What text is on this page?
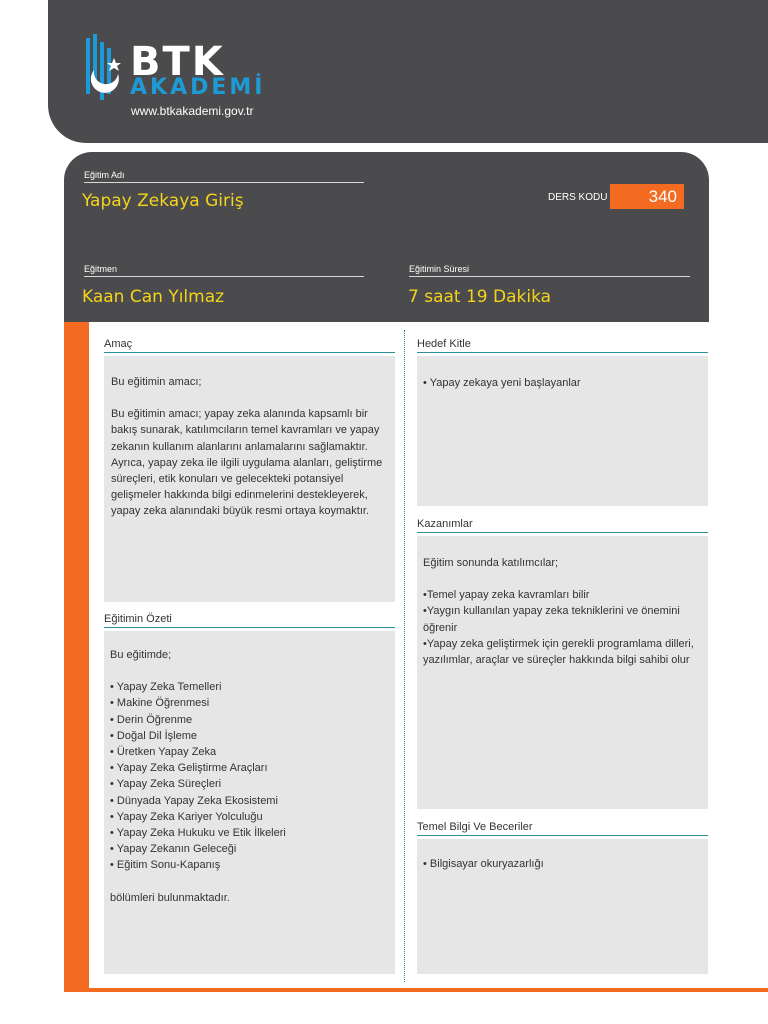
BTK
AKADEMİ
www.btkakademi.gov.tr
Eğitim Adı
Yapay Zekaya Giriş	DERS KODU	340
Eğitmen
Kaan Can Yılmaz
Eğitimin Süresi
7 saat 19 Dakika
Amaç

Bu eğitimin amacı;

Bu eğitimin amacı; yapay zeka alanında kapsamlı bir bakış sunarak, katılımcıların temel kavramları ve yapay zekanın kullanım alanlarını anlamalarını sağlamaktır. Ayrıca, yapay zeka ile ilgili uygulama alanları, geliştirme süreçleri, etik konuları ve gelecekteki potansiyel gelişmeler hakkında bilgi edinmelerini destekleyerek, yapay zeka alanındaki büyük resmi ortaya koymaktır.

Eğitimin Özeti

Bu eğitimde;

• Yapay Zeka Temelleri
• Makine Öğrenmesi
• Derin Öğrenme
• Doğal Dil İşleme
• Üretken Yapay Zeka
• Yapay Zeka Geliştirme Araçları
• Yapay Zeka Süreçleri
• Dünyada Yapay Zeka Ekosistemi
• Yapay Zeka Kariyer Yolculuğu
• Yapay Zeka Hukuku ve Etik İlkeleri
• Yapay Zekanın Geleceği
• Eğitim Sonu-Kapanış

bölümleri bulunmaktadır.

Hedef Kitle
• Yapay zekaya yeni başlayanlar
Kazanımlar

Eğitim sonunda katılımcılar;

•Temel yapay zeka kavramları bilir
•Yaygın kullanılan yapay zeka tekniklerini ve önemini öğrenir
•Yapay zeka geliştirmek için gerekli programlama dilleri, yazılımlar, araçlar ve süreçler hakkında bilgi sahibi olur
Temel Bilgi Ve Beceriler
• Bilgisayar okuryazarlığı
